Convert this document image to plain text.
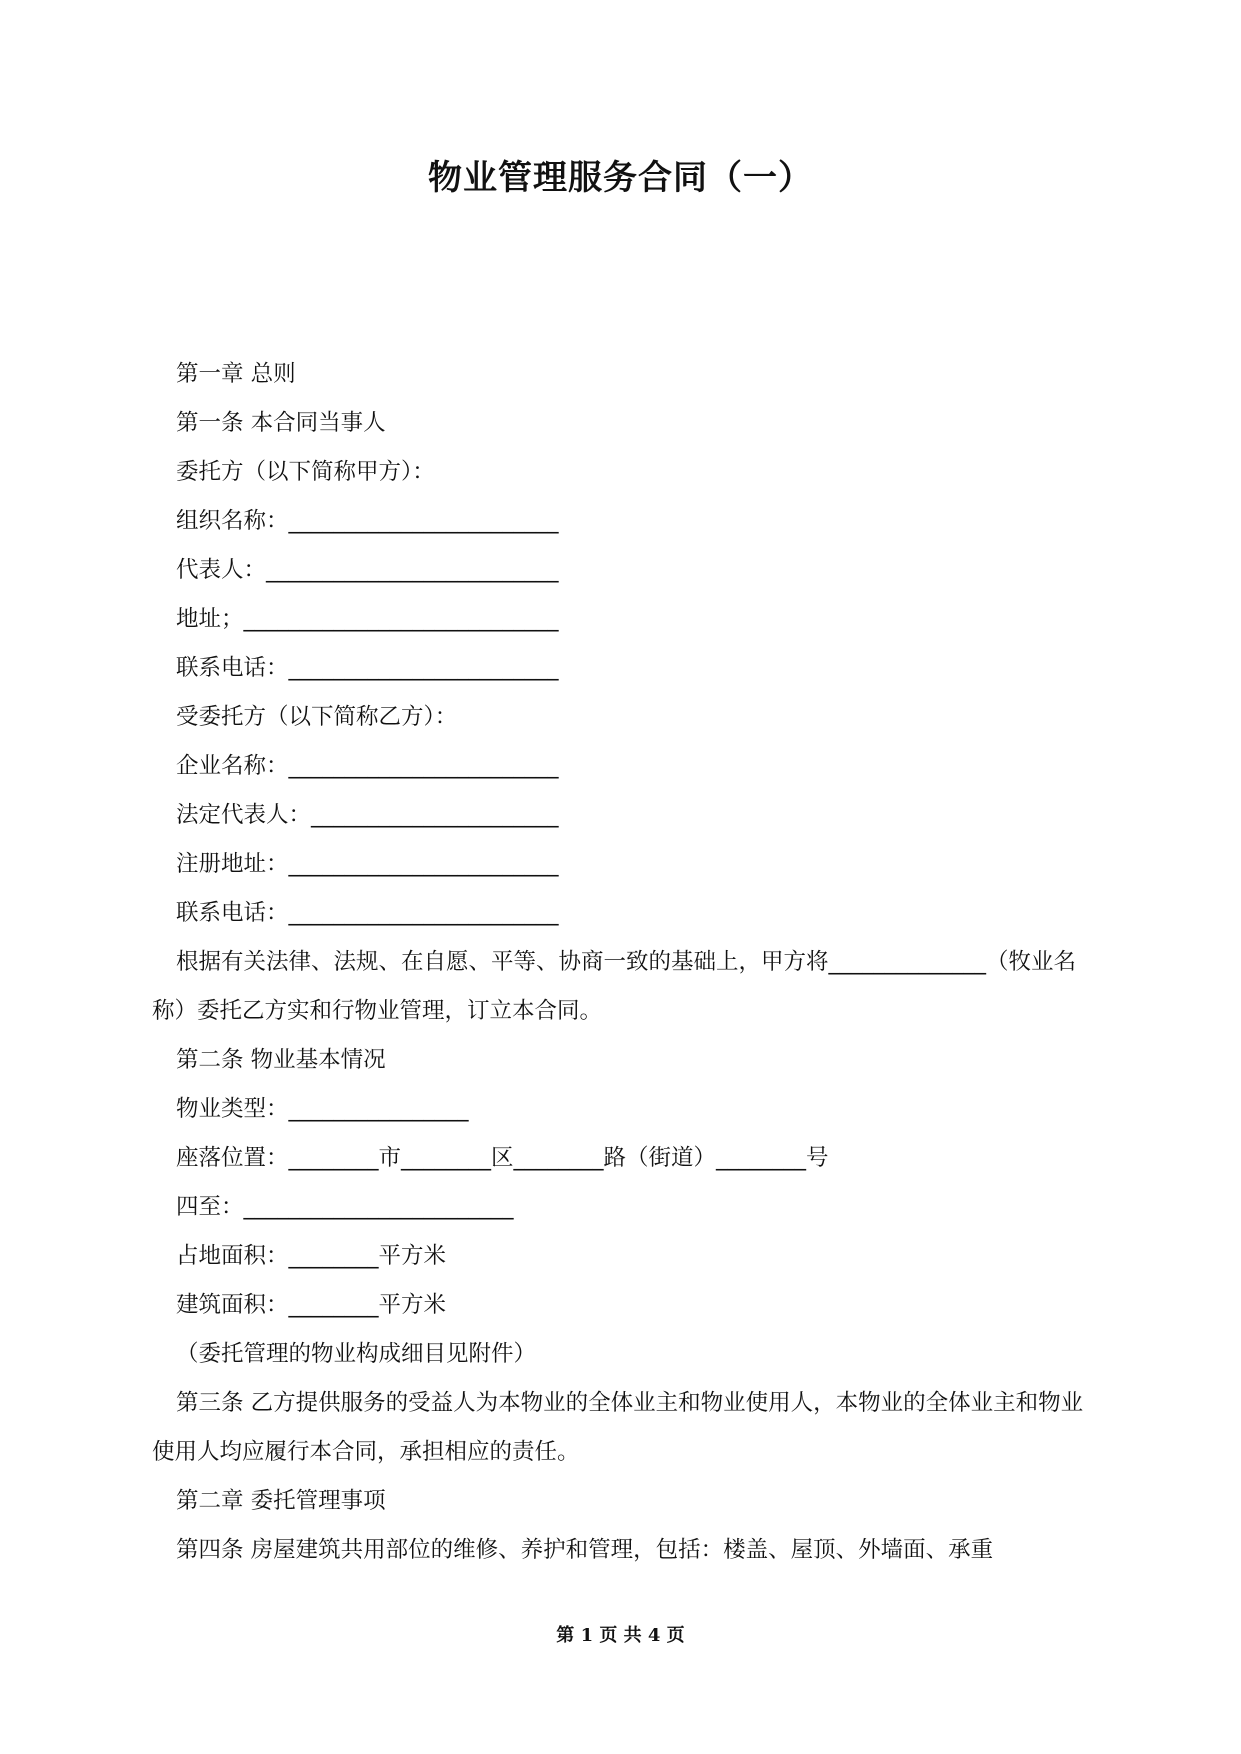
物业管理服务合同（一）
第一章 总则
第一条 本合同当事人
委托方（以下简称甲方）：
组织名称：________________________
代表人：__________________________
地址；____________________________
联系电话：________________________
受委托方（以下简称乙方）：
企业名称：________________________
法定代表人：______________________
注册地址：________________________
联系电话：________________________
根据有关法律、法规、在自愿、平等、协商一致的基础上，甲方将______________（牧业名称）委托乙方实和行物业管理，订立本合同。
第二条 物业基本情况
物业类型：________________
座落位置：________市________区________路（街道）________号
四至：________________________
占地面积：________平方米
建筑面积：________平方米
（委托管理的物业构成细目见附件）
第三条 乙方提供服务的受益人为本物业的全体业主和物业使用人，本物业的全体业主和物业使用人均应履行本合同，承担相应的责任。
第二章 委托管理事项
第四条 房屋建筑共用部位的维修、养护和管理，包括：楼盖、屋顶、外墙面、承重
第 1 页 共 4 页
